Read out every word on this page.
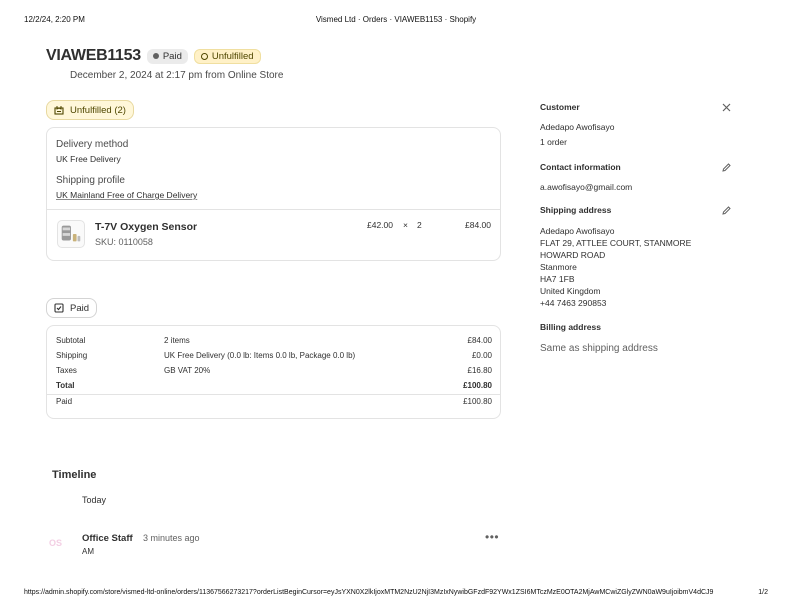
12/2/24, 2:20 PM	Vismed Ltd · Orders · VIAWEB1153 · Shopify
VIAWEB1153 Paid	Unfulfilled
December 2, 2024 at 2:17 pm from Online Store
Unfulfilled (2)
Delivery method
UK Free Delivery
Shipping profile
UK Mainland Free of Charge Delivery
T-7V Oxygen Sensor
SKU: 0110058
£42.00 × 2	£84.00
Paid
Subtotal	2 items	£84.00
Shipping	UK Free Delivery (0.0 lb: Items 0.0 lb, Package 0.0 lb)	£0.00
Taxes	GB VAT 20%	£16.80
Total	£100.80
Paid	£100.80
Timeline
Today
OS	Office Staff 3 minutes ago	•••
AM
Customer
Adedapo Awofisayo
1 order
Contact information
a.awofisayo@gmail.com
Shipping address
Adedapo Awofisayo
FLAT 29, ATTLEE COURT, STANMORE
HOWARD ROAD
Stanmore
HA7 1FB
United Kingdom
+44 7463 290853
Billing address
Same as shipping address
https://admin.shopify.com/store/vismed-ltd-online/orders/11367566273217?orderListBeginCursor=eyJsYXN0X2lkIjoxMTM2NzU2NjI3MzIxNywibGFzdF92YWx1ZSI6MTczMzE0OTA2MjAwMCwiZGlyZWN0aW9uIjoibmV4dCJ9	1/2
